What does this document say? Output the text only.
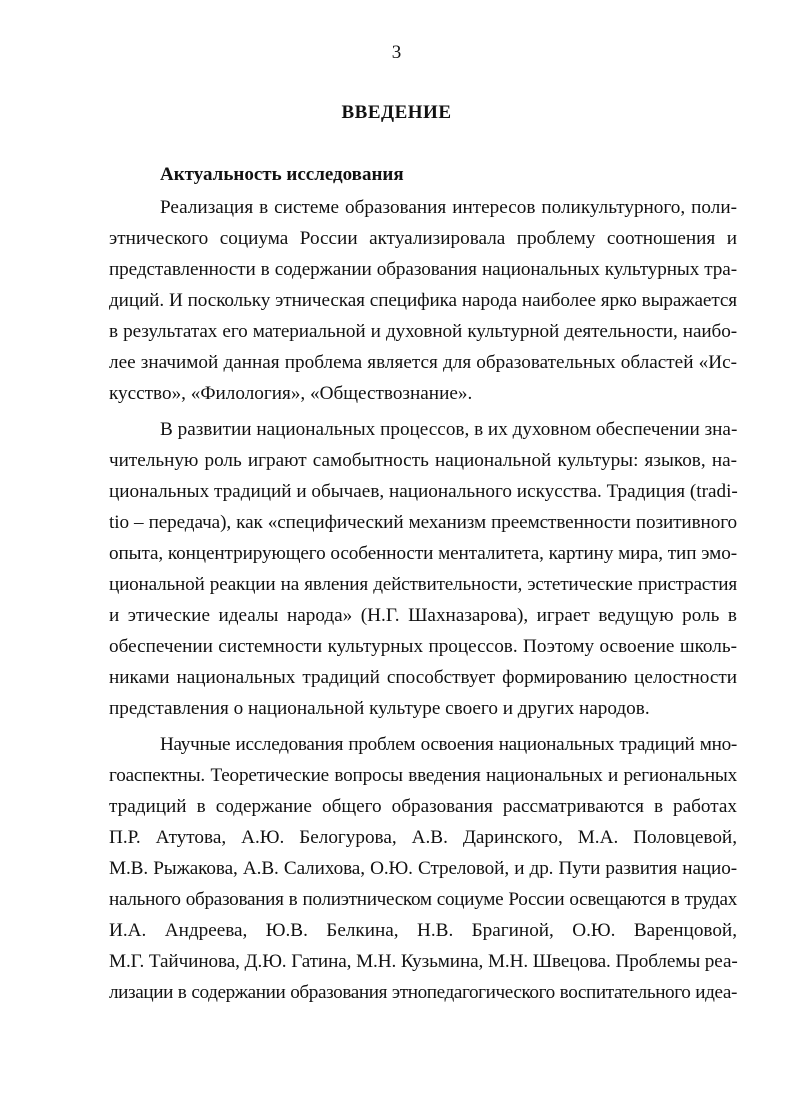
3
ВВЕДЕНИЕ
Актуальность исследования
Реализация в системе образования интересов поликультурного, поли-
этнического социума России актуализировала проблему соотношения и
представленности в содержании образования национальных культурных тра-
диций. И поскольку этническая специфика народа наиболее ярко выражается
в результатах его материальной и духовной культурной деятельности, наибо-
лее значимой данная проблема является для образовательных областей «Ис-
кусство», «Филология», «Обществознание».
В развитии национальных процессов, в их духовном обеспечении зна-
чительную роль играют самобытность национальной культуры: языков, на-
циональных традиций и обычаев, национального искусства. Традиция (tradi-
tio – передача), как «специфический механизм преемственности позитивного
опыта, концентрирующего особенности менталитета, картину мира, тип эмо-
циональной реакции на явления действительности, эстетические пристрастия
и этические идеалы народа» (Н.Г. Шахназарова), играет ведущую роль в
обеспечении системности культурных процессов. Поэтому освоение школь-
никами национальных традиций способствует формированию целостности
представления о национальной культуре своего и других народов.
Научные исследования проблем освоения национальных традиций мно-
гоаспектны. Теоретические вопросы введения национальных и региональных
традиций в содержание общего образования рассматриваются в работах
П.Р. Атутова, А.Ю. Белогурова, А.В. Даринского, М.А. Половцевой,
М.В. Рыжакова, А.В. Салихова, О.Ю. Стреловой, и др. Пути развития нацио-
нального образования в полиэтническом социуме России освещаются в трудах
И.А. Андреева, Ю.В. Белкина, Н.В. Брагиной, О.Ю. Варенцовой,
М.Г. Тайчинова, Д.Ю. Гатина, М.Н. Кузьмина, М.Н. Швецова. Проблемы реа-
лизации в содержании образования этнопедагогического воспитательного идеа-
